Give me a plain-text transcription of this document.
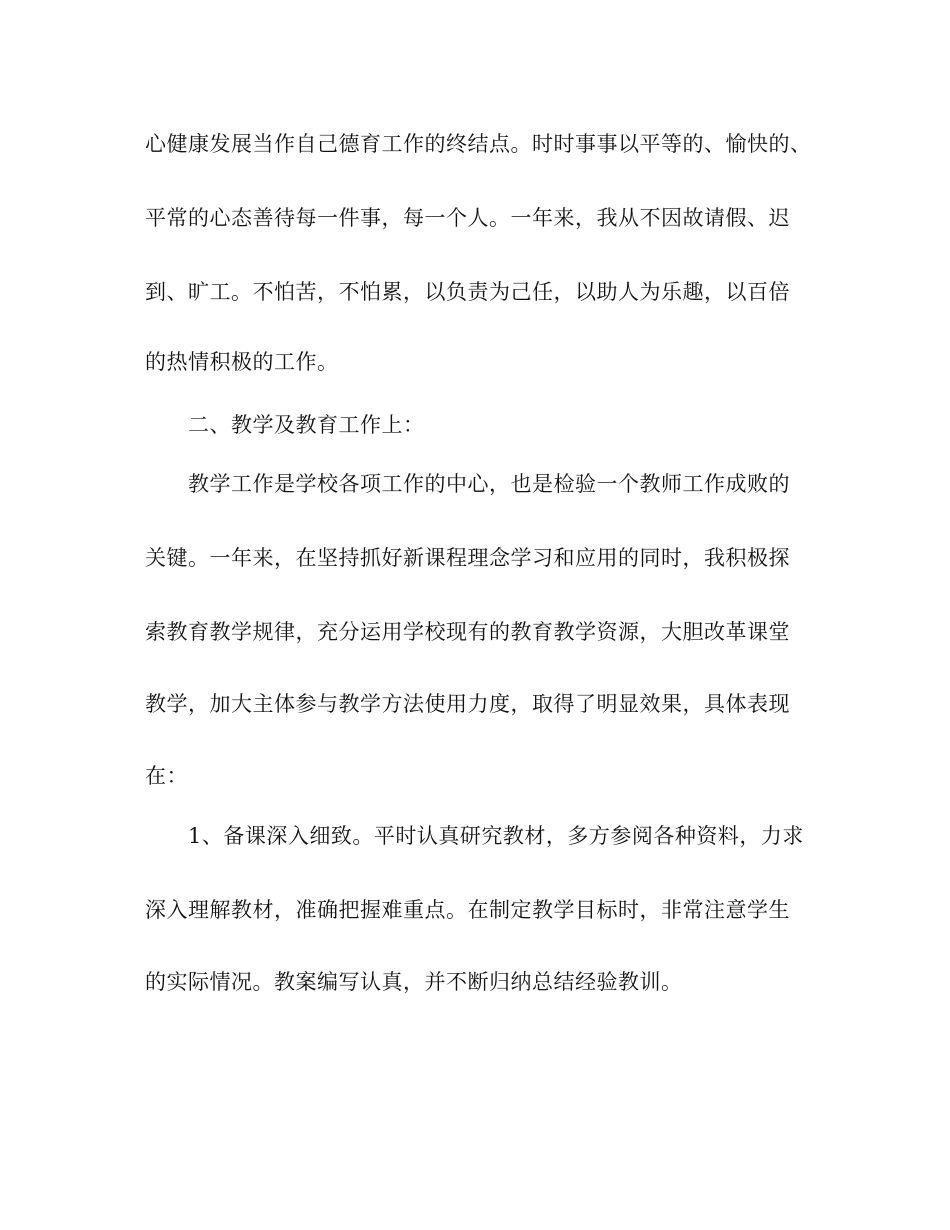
心健康发展当作自己德育工作的终结点。时时事事以平等的、愉快的、
平常的心态善待每一件事，每一个人。一年来，我从不因故请假、迟
到、旷工。不怕苦，不怕累，以负责为己任，以助人为乐趣，以百倍
的热情积极的工作。
二、教学及教育工作上：
教学工作是学校各项工作的中心，也是检验一个教师工作成败的
关键。一年来，在坚持抓好新课程理念学习和应用的同时，我积极探
索教育教学规律，充分运用学校现有的教育教学资源，大胆改革课堂
教学，加大主体参与教学方法使用力度，取得了明显效果，具体表现
在：
1、备课深入细致。平时认真研究教材，多方参阅各种资料，力求
深入理解教材，准确把握难重点。在制定教学目标时，非常注意学生
的实际情况。教案编写认真，并不断归纳总结经验教训。
